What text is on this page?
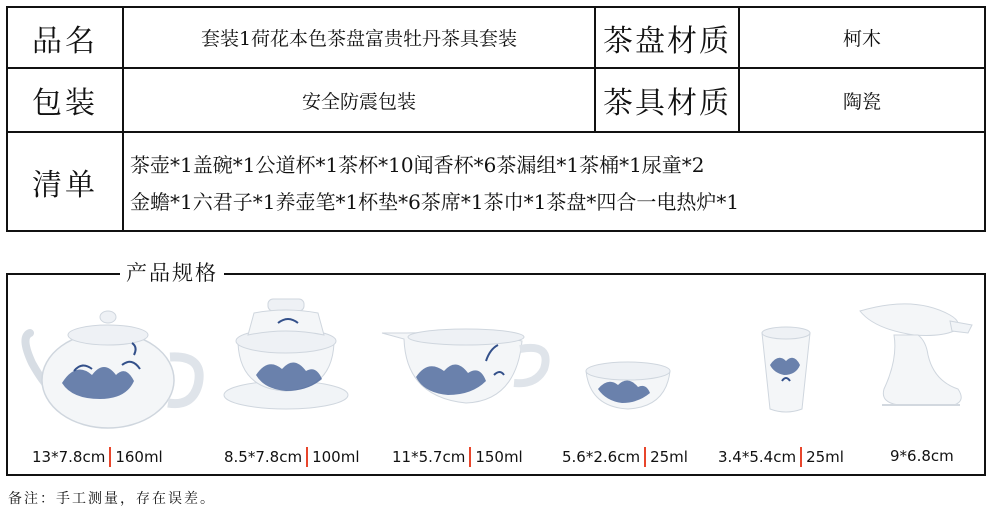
品名	套装1荷花本色茶盘富贵牡丹茶具套装	茶盘材质	柯木
包装	安全防震包装	茶具材质	陶瓷
清单
茶壶*1盖碗*1公道杯*1茶杯*10闻香杯*6茶漏组*1茶桶*1尿童*2
金蟾*1六君子*1养壶笔*1杯垫*6茶席*1茶巾*1茶盘*四合一电热炉*1
产品规格
13*7.8cm 160ml	8.5*7.8cm 100ml 11*5.7cm 150ml	5.6*2.6cm 25ml 3.4*5.4cm 25ml	9*6.8cm
备注：手工测量，存在误差。
